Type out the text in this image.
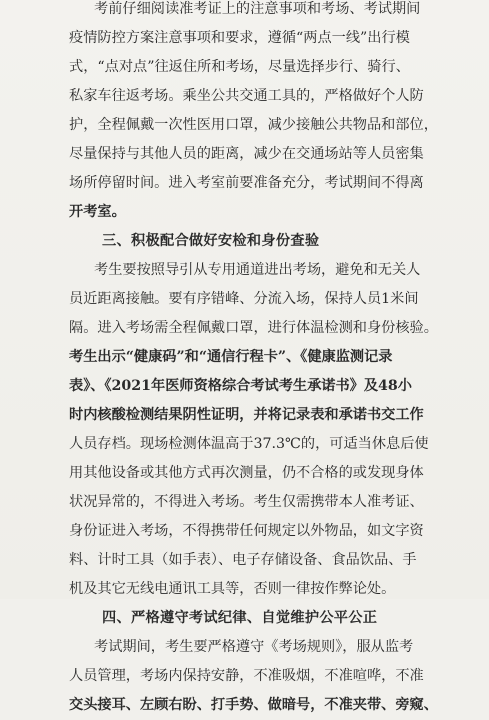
考前仔细阅读准考证上的注意事项和考场、考试期间
疫情防控方案注意事项和要求，遵循“两点一线”出行模
式，“点对点”往返住所和考场，尽量选择步行、骑行、
私家车往返考场。乘坐公共交通工具的，严格做好个人防
护，全程佩戴一次性医用口罩，减少接触公共物品和部位，
尽量保持与其他人员的距离，减少在交通场站等人员密集
场所停留时间。进入考室前要准备充分，考试期间不得离
开考室。
三、积极配合做好安检和身份查验
考生要按照导引从专用通道进出考场，避免和无关人
员近距离接触。要有序错峰、分流入场，保持人员1米间
隔。进入考场需全程佩戴口罩，进行体温检测和身份核验。
考生出示“健康码”和“通信行程卡”、《健康监测记录
表》、《2021年医师资格综合考试考生承诺书》及48小
时内核酸检测结果阴性证明，并将记录表和承诺书交工作
人员存档。现场检测体温高于37.3℃的，可适当休息后使
用其他设备或其他方式再次测量，仍不合格的或发现身体
状况异常的，不得进入考场。考生仅需携带本人准考证、
身份证进入考场，不得携带任何规定以外物品，如文字资
料、计时工具（如手表）、电子存储设备、食品饮品、手
机及其它无线电通讯工具等，否则一律按作弊论处。
四、严格遵守考试纪律、自觉维护公平公正
考试期间，考生要严格遵守《考场规则》，服从监考
人员管理，考场内保持安静，不准吸烟，不准喧哗，不准
交头接耳、左顾右盼、打手势、做暗号，不准夹带、旁窥、
